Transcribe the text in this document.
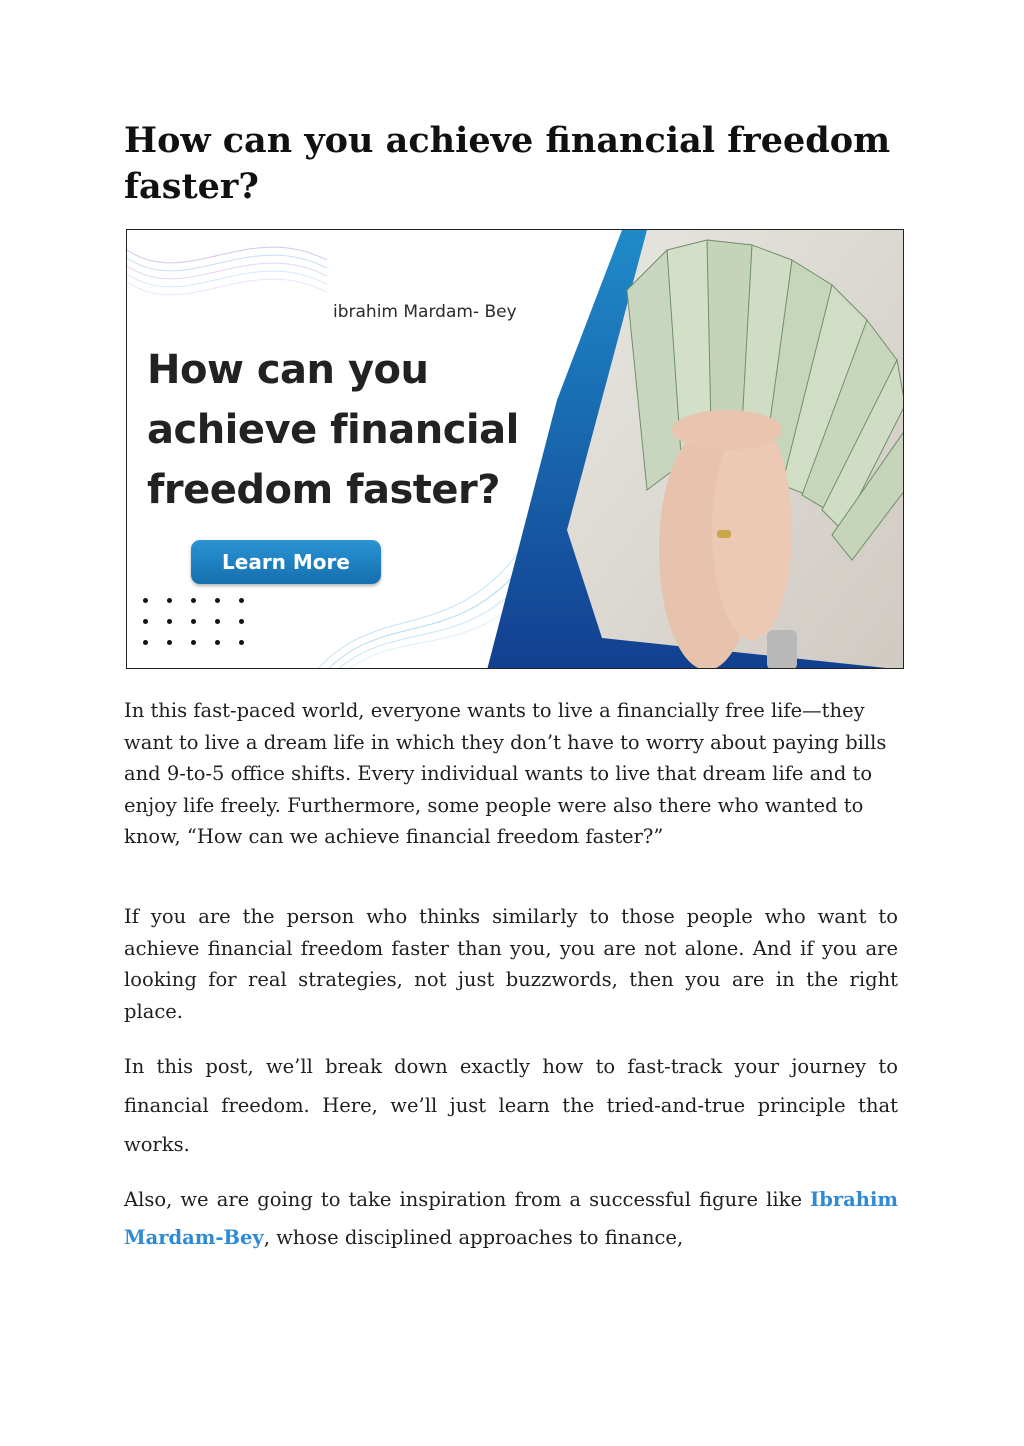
How can you achieve financial freedom faster?
ibrahim Mardam- Bey
How can you achieve financial freedom faster?
Learn More

In this fast-paced world, everyone wants to live a financially free life—they want to live a dream life in which they don’t have to worry about paying bills and 9-to-5 office shifts. Every individual wants to live that dream life and to enjoy life freely. Furthermore, some people were also there who wanted to know, “How can we achieve financial freedom faster?”

If you are the person who thinks similarly to those people who want to achieve financial freedom faster than you, you are not alone. And if you are looking for real strategies, not just buzzwords, then you are in the right place.

In this post, we’ll break down exactly how to fast-track your journey to financial freedom. Here, we’ll just learn the tried-and-true principle that works.

Also, we are going to take inspiration from a successful figure like Ibrahim Mardam-Bey, whose disciplined approaches to finance,
